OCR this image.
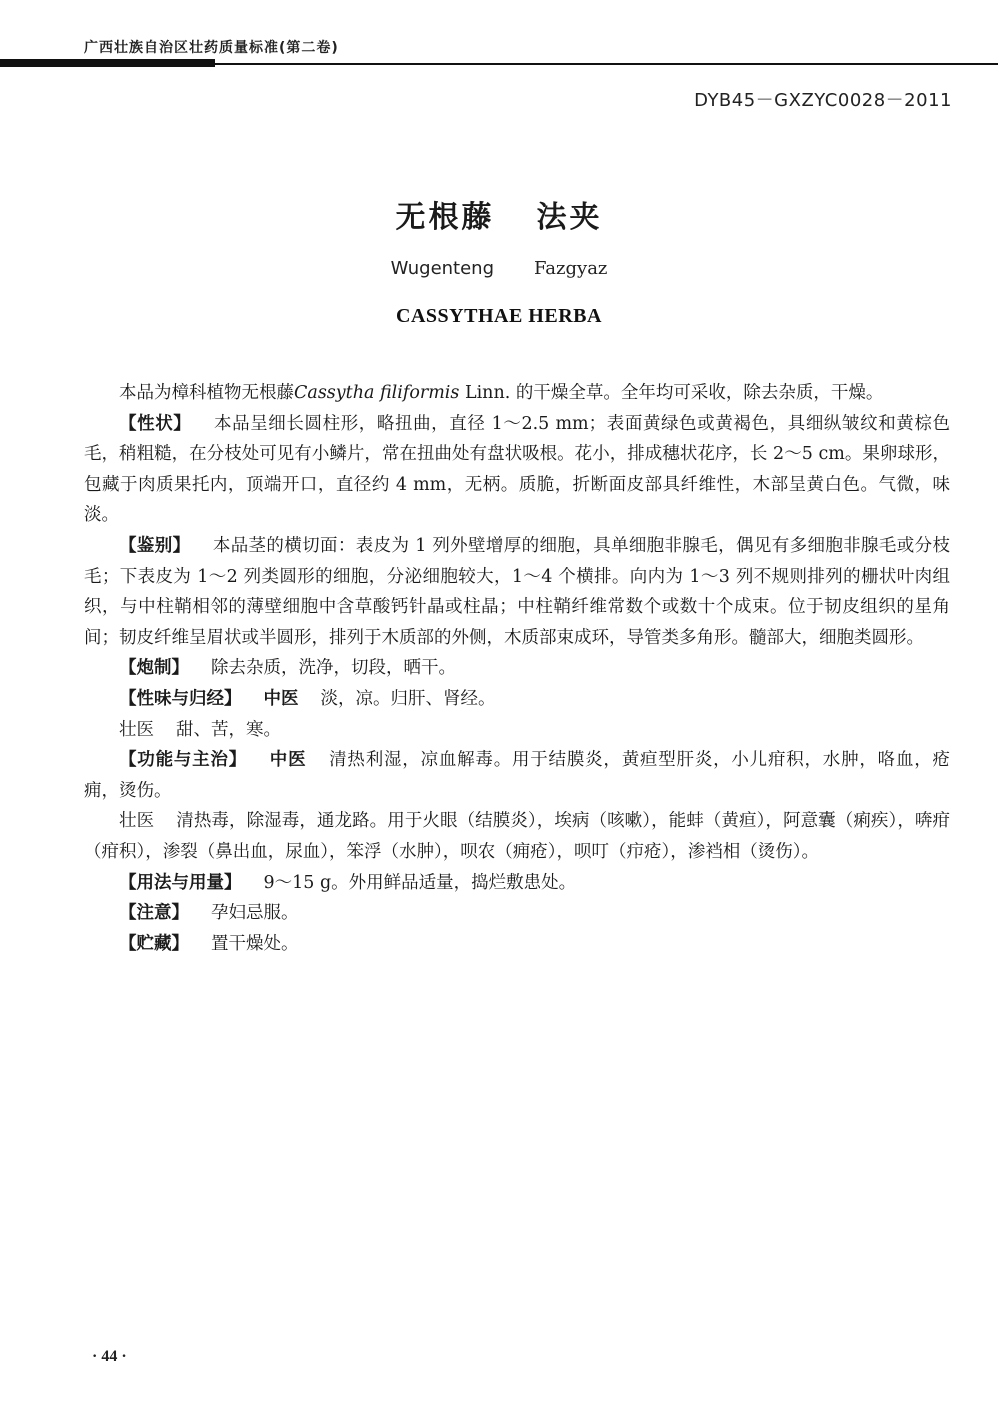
广西壮族自治区壮药质量标准(第二卷)
DYB45－GXZYC0028－2011
无根藤 法夹
Wugenteng Fazgyaz
CASSYTHAE HERBA

本品为樟科植物无根藤Cassytha filiformis Linn. 的干燥全草。全年均可采收，除去杂质，干燥。

【性状】 本品呈细长圆柱形，略扭曲，直径 1～2.5 mm；表面黄绿色或黄褐色，具细纵皱纹和黄棕色毛，稍粗糙，在分枝处可见有小鳞片，常在扭曲处有盘状吸根。花小，排成穗状花序，长 2～5 cm。果卵球形，包藏于肉质果托内，顶端开口，直径约 4 mm，无柄。质脆，折断面皮部具纤维性，木部呈黄白色。气微，味淡。

【鉴别】 本品茎的横切面：表皮为 1 列外壁增厚的细胞，具单细胞非腺毛，偶见有多细胞非腺毛或分枝毛；下表皮为 1～2 列类圆形的细胞，分泌细胞较大，1～4 个横排。向内为 1～3 列不规则排列的栅状叶肉组织，与中柱鞘相邻的薄壁细胞中含草酸钙针晶或柱晶；中柱鞘纤维常数个或数十个成束。位于韧皮组织的星角间；韧皮纤维呈眉状或半圆形，排列于木质部的外侧，木质部束成环，导管类多角形。髓部大，细胞类圆形。

【炮制】 除去杂质，洗净，切段，晒干。

【性味与归经】 中医 淡，凉。归肝、肾经。

壮医 甜、苦，寒。

【功能与主治】 中医 清热利湿，凉血解毒。用于结膜炎，黄疸型肝炎，小儿疳积，水肿，咯血，疮痈，烫伤。

壮医 清热毒，除湿毒，通龙路。用于火眼（结膜炎），埃病（咳嗽），能蚌（黄疸），阿意囊（痢疾），喯疳（疳积），渗裂（鼻出血，尿血），笨浮（水肿），呗农（痈疮），呗叮（疖疮），渗裆相（烫伤）。

【用法与用量】 9～15 g。外用鲜品适量，捣烂敷患处。

【注意】 孕妇忌服。

【贮藏】 置干燥处。

· 44 ·
